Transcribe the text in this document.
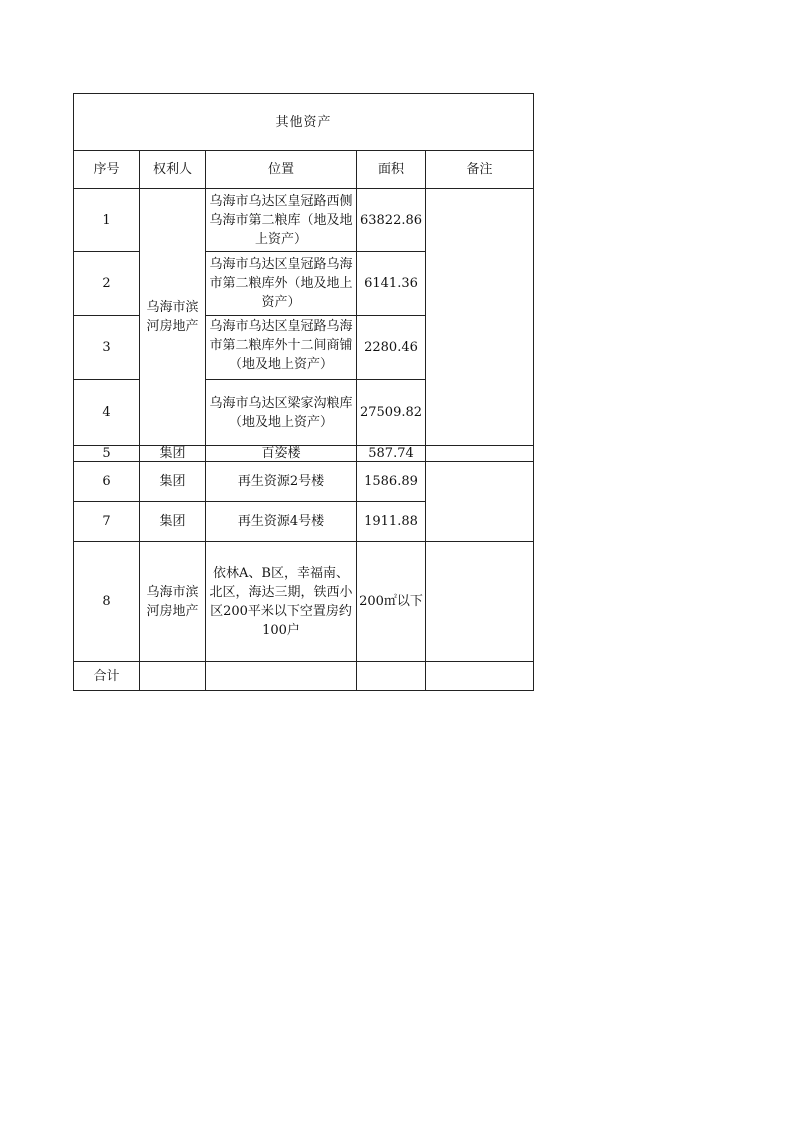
其他资产				
序号	权利人	位置	面积	备注
1	乌海市滨河房地产	乌海市乌达区皇冠路西侧乌海市第二粮库（地及地上资产）	63822.86	
2		乌海市乌达区皇冠路乌海市第二粮库外（地及地上资产）	6141.36	
3		乌海市乌达区皇冠路乌海市第二粮库外十二间商铺（地及地上资产）	2280.46	
4		乌海市乌达区梁家沟粮库（地及地上资产）	27509.82	
5	集团	百姿楼	587.74	
6	集团	再生资源2号楼	1586.89	
7	集团	再生资源4号楼	1911.88	
8	乌海市滨河房地产	依林A、B区，幸福南、北区，海达三期，铁西小区200平米以下空置房约100户	200㎡以下	
合计				
